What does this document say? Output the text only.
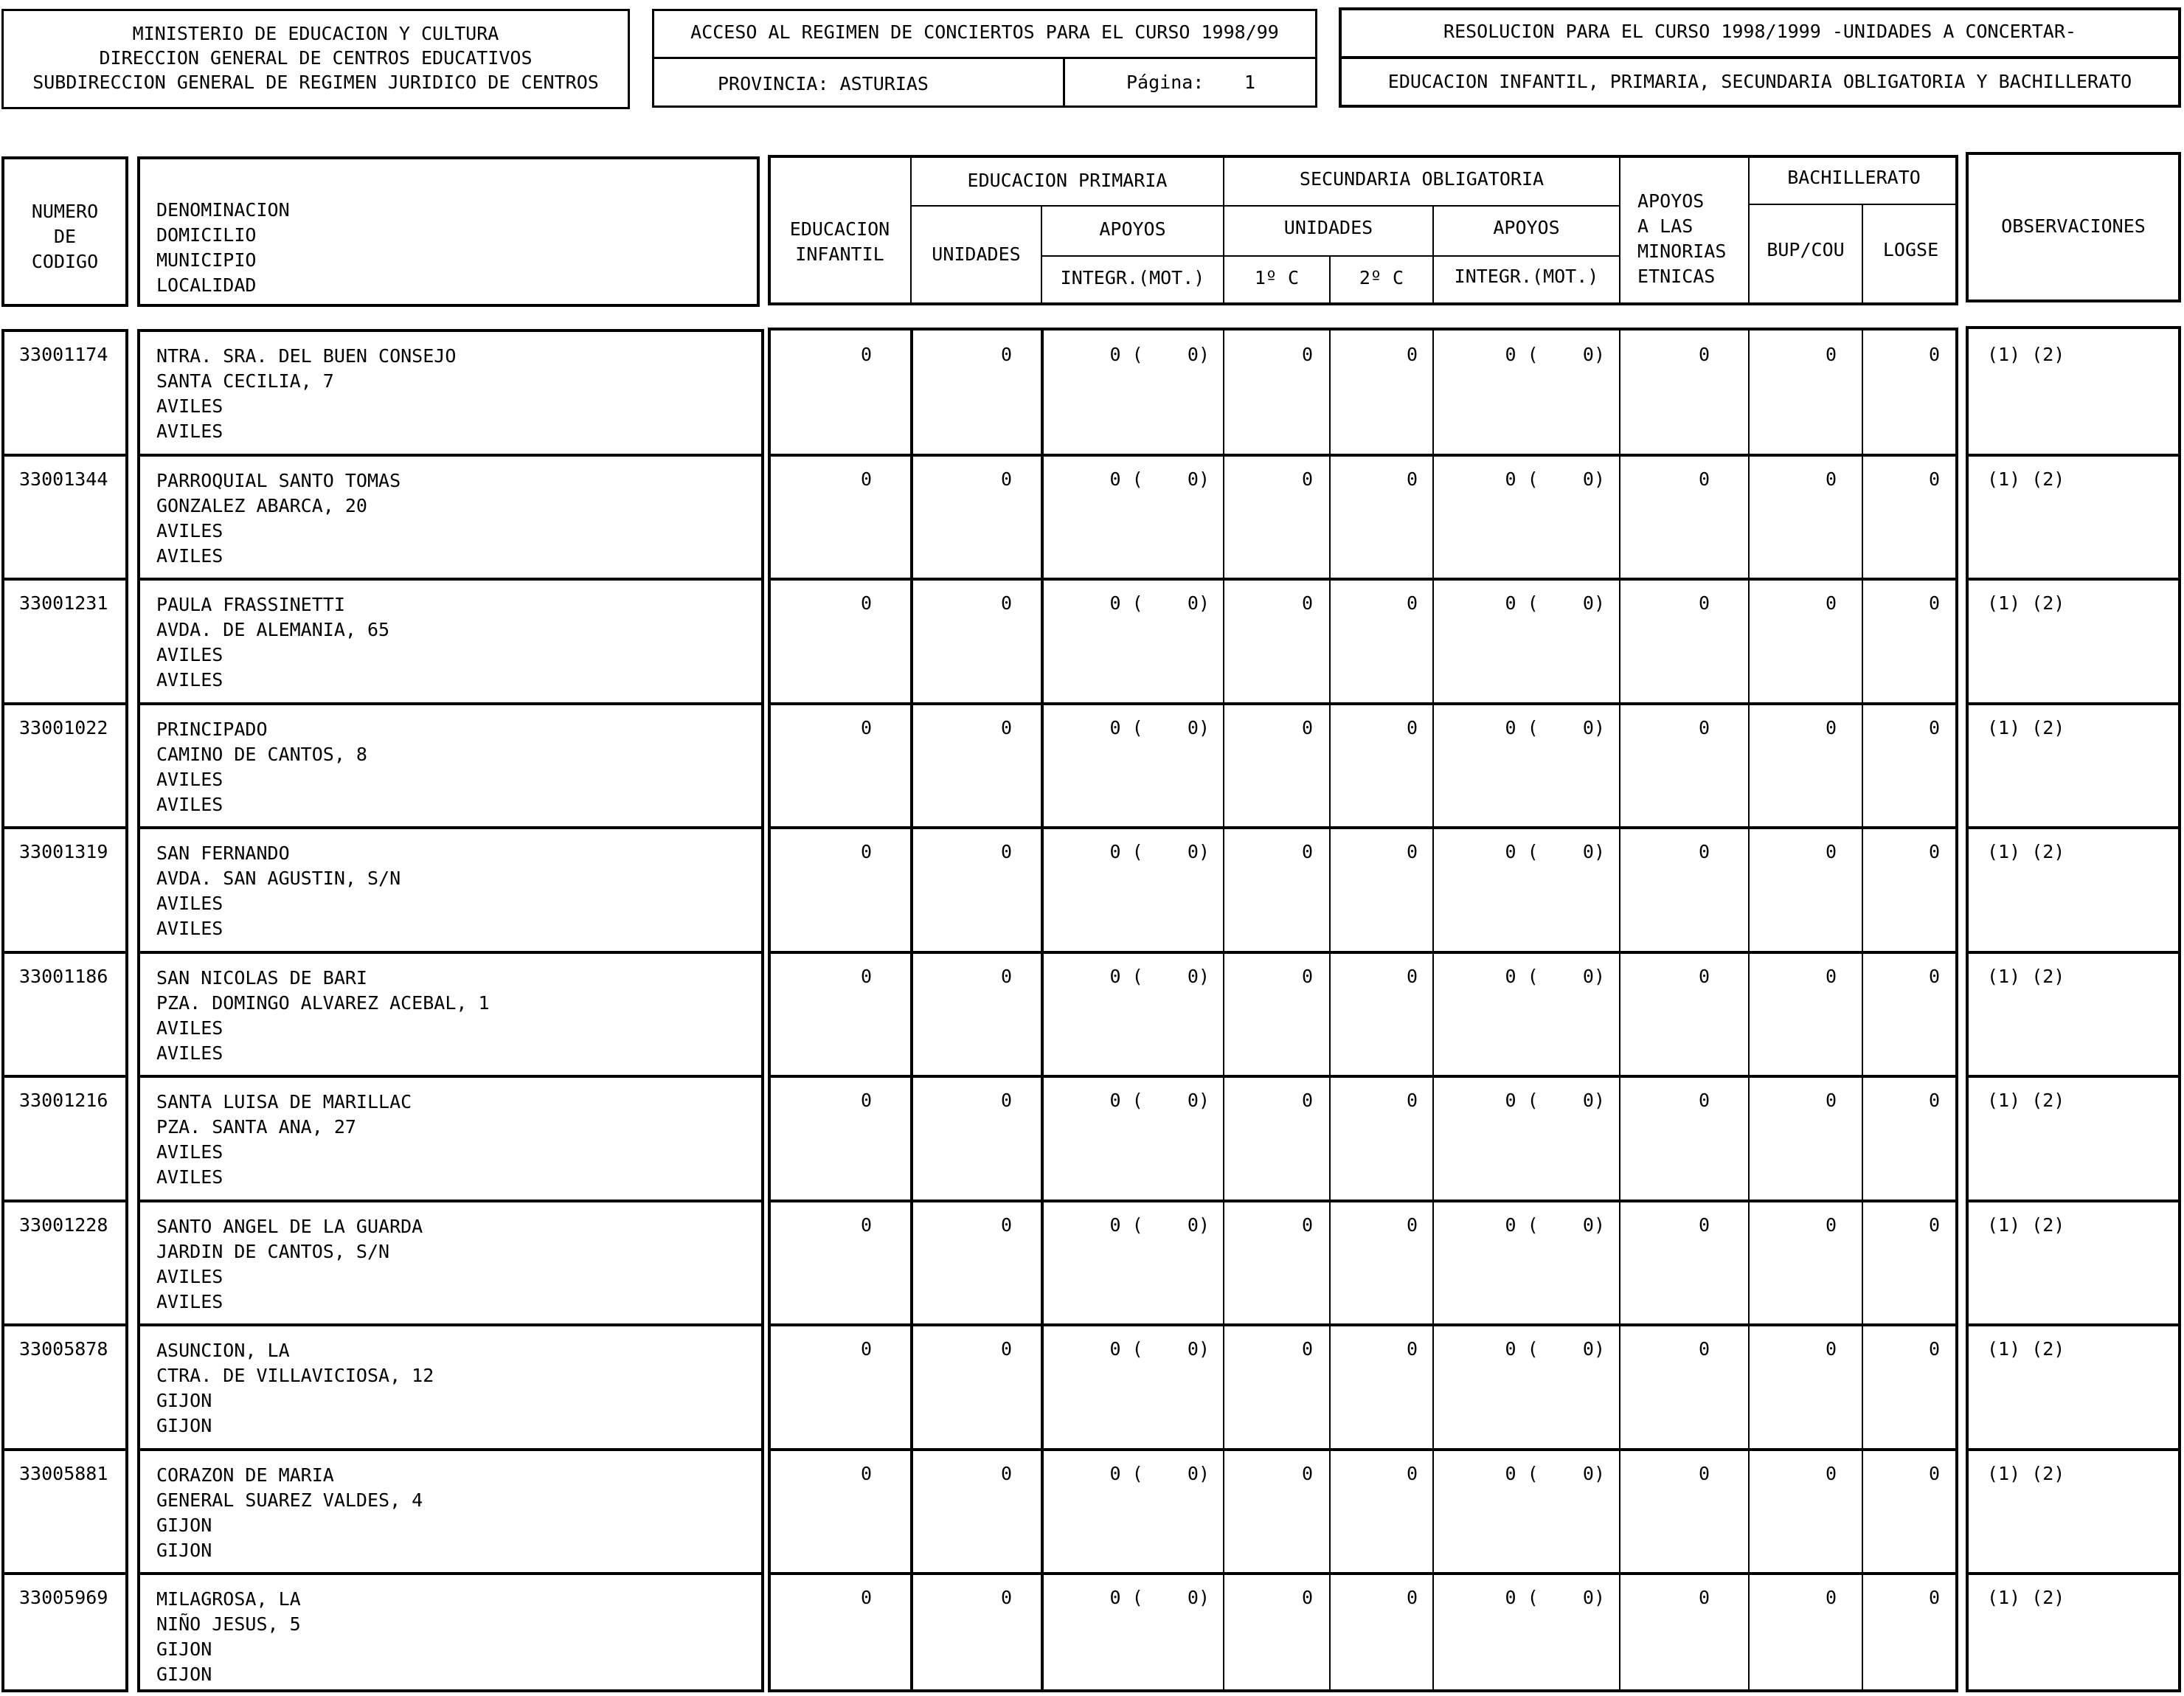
MINISTERIO DE EDUCACION Y CULTURA
DIRECCION GENERAL DE CENTROS EDUCATIVOS
SUBDIRECCION GENERAL DE REGIMEN JURIDICO DE CENTROS
ACCESO AL REGIMEN DE CONCIERTOS PARA EL CURSO 1998/99
PROVINCIA: ASTURIAS	Página: 1
RESOLUCION PARA EL CURSO 1998/1999 -UNIDADES A CONCERTAR-
EDUCACION INFANTIL, PRIMARIA, SECUNDARIA OBLIGATORIA Y BACHILLERATO
NUMERO
DE
CODIGO
DENOMINACION
DOMICILIO
MUNICIPIO
LOCALIDAD
EDUCACION
INFANTIL
EDUCACION PRIMARIA
UNIDADES
APOYOS
INTEGR.(MOT.)
SECUNDARIA OBLIGATORIA
UNIDADES
1º C	2º C
APOYOS
INTEGR.(MOT.)
APOYOS
A LAS
MINORIAS
ETNICAS
BACHILLERATO
BUP/COU	LOGSE
OBSERVACIONES
33001174	NTRA. SRA. DEL BUEN CONSEJO
SANTA CECILIA, 7
AVILES
AVILES
0	0	0 (    0)	0	0	0 (    0)	0	0	0	(1) (2)
33001344	PARROQUIAL SANTO TOMAS
GONZALEZ ABARCA, 20
AVILES
AVILES
0	0	0 (    0)	0	0	0 (    0)	0	0	0	(1) (2)
33001231	PAULA FRASSINETTI
AVDA. DE ALEMANIA, 65
AVILES
AVILES
0	0	0 (    0)	0	0	0 (    0)	0	0	0	(1) (2)
33001022	PRINCIPADO
CAMINO DE CANTOS, 8
AVILES
AVILES
0	0	0 (    0)	0	0	0 (    0)	0	0	0	(1) (2)
33001319	SAN FERNANDO
AVDA. SAN AGUSTIN, S/N
AVILES
AVILES
0	0	0 (    0)	0	0	0 (    0)	0	0	0	(1) (2)
33001186	SAN NICOLAS DE BARI
PZA. DOMINGO ALVAREZ ACEBAL, 1
AVILES
AVILES
0	0	0 (    0)	0	0	0 (    0)	0	0	0	(1) (2)
33001216	SANTA LUISA DE MARILLAC
PZA. SANTA ANA, 27
AVILES
AVILES
0	0	0 (    0)	0	0	0 (    0)	0	0	0	(1) (2)
33001228	SANTO ANGEL DE LA GUARDA
JARDIN DE CANTOS, S/N
AVILES
AVILES
0	0	0 (    0)	0	0	0 (    0)	0	0	0	(1) (2)
33005878	ASUNCION, LA
CTRA. DE VILLAVICIOSA, 12
GIJON
GIJON
0	0	0 (    0)	0	0	0 (    0)	0	0	0	(1) (2)
33005881	CORAZON DE MARIA
GENERAL SUAREZ VALDES, 4
GIJON
GIJON
0	0	0 (    0)	0	0	0 (    0)	0	0	0	(1) (2)
33005969	MILAGROSA, LA
NIÑO JESUS, 5
GIJON
GIJON
0	0	0 (    0)	0	0	0 (    0)	0	0	0	(1) (2)
